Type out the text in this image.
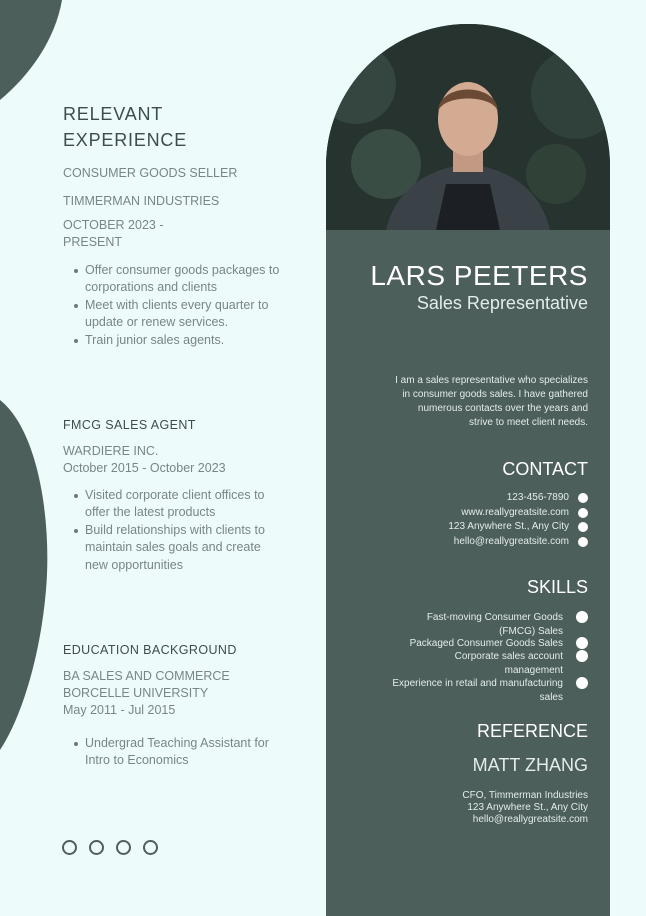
RELEVANT
EXPERIENCE
CONSUMER GOODS SELLER
TIMMERMAN INDUSTRIES
OCTOBER 2023 -
PRESENT
Offer consumer goods packages to corporations and clients
Meet with clients every quarter to update or renew services.
Train junior sales agents.
FMCG SALES AGENT
WARDIERE INC.
October 2015 - October 2023
Visited corporate client offices to offer the latest products
Build relationships with clients to maintain sales goals and create new opportunities
EDUCATION BACKGROUND
BA SALES AND COMMERCE
BORCELLE UNIVERSITY
May 2011 - Jul 2015
Undergrad Teaching Assistant for Intro to Economics
LARS PEETERS
Sales Representative
I am a sales representative who specializes
in consumer goods sales. I have gathered
numerous contacts over the years and
strive to meet client needs.
CONTACT
123-456-7890
www.reallygreatsite.com
123 Anywhere St., Any City
hello@reallygreatsite.com
SKILLS
Fast-moving Consumer Goods
(FMCG) Sales
Packaged Consumer Goods Sales
Corporate sales account
management
Experience in retail and manufacturing
sales
REFERENCE
MATT ZHANG
CFO, Timmerman Industries
123 Anywhere St., Any City
hello@reallygreatsite.com
